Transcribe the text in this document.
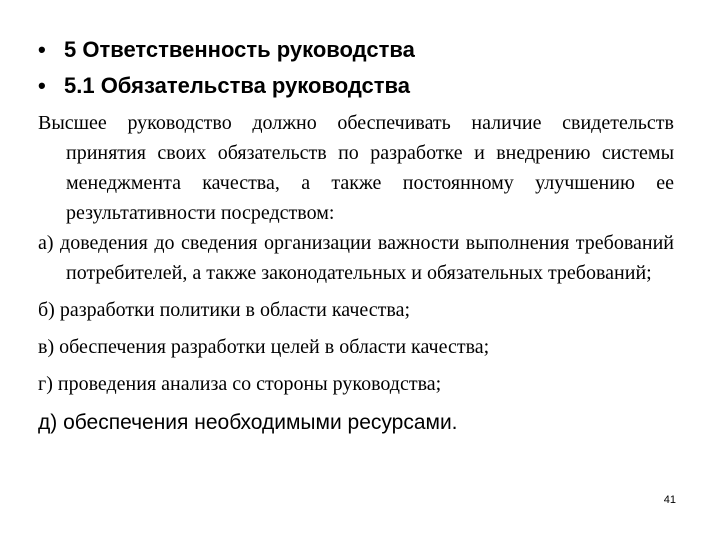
• 5 Ответственность руководства
• 5.1 Обязательства руководства

Высшее руководство должно обеспечивать наличие свидетельств принятия своих обязательств по разработке и внедрению системы менеджмента качества, а также постоянному улучшению ее результативности посредством:

а) доведения до сведения организации важности выполнения требований потребителей, а также законодательных и обязательных требований;

б) разработки политики в области качества;

в) обеспечения разработки целей в области качества;

г) проведения анализа со стороны руководства;

д) обеспечения необходимыми ресурсами.

41
